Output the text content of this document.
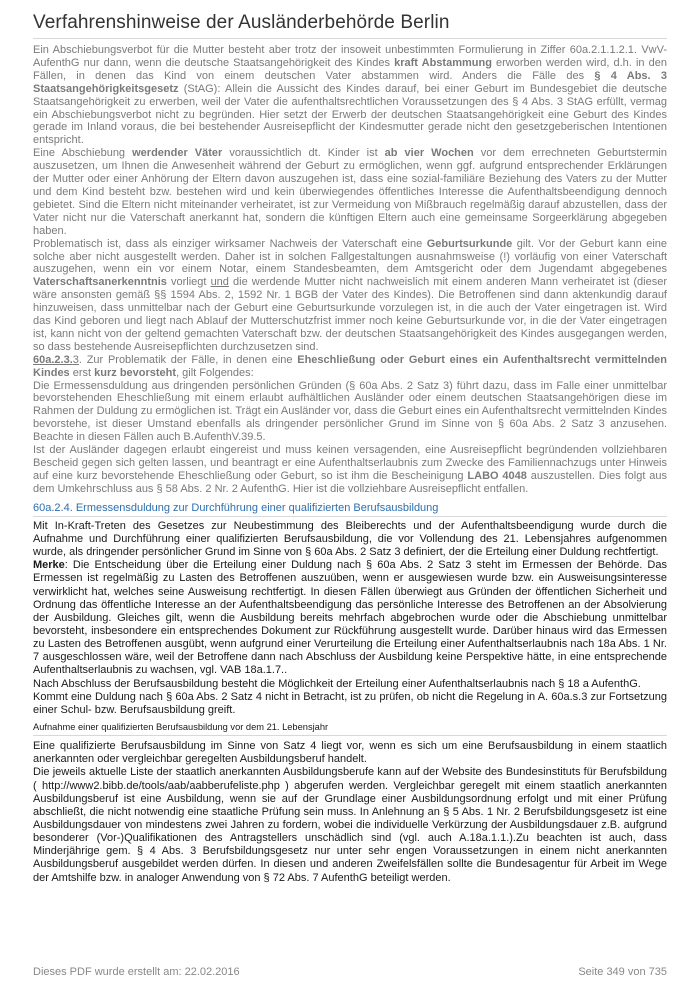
Verfahrenshinweise der Ausländerbehörde Berlin

Ein Abschiebungsverbot für die Mutter besteht aber trotz der insoweit unbestimmten Formulierung in Ziffer 60a.2.1.1.2.1. VwV-AufenthG nur dann, wenn die deutsche Staatsangehörigkeit des Kindes kraft Abstammung erworben werden wird, d.h. in den Fällen, in denen das Kind von einem deutschen Vater abstammen wird. Anders die Fälle des § 4 Abs. 3 Staatsangehörigkeitsgesetz (StAG): Allein die Aussicht des Kindes darauf, bei einer Geburt im Bundesgebiet die deutsche Staatsangehörigkeit zu erwerben, weil der Vater die aufenthaltsrechtlichen Voraussetzungen des § 4 Abs. 3 StAG erfüllt, vermag ein Abschiebungsverbot nicht zu begründen. Hier setzt der Erwerb der deutschen Staatsangehörigkeit eine Geburt des Kindes gerade im Inland voraus, die bei bestehender Ausreisepflicht der Kindesmutter gerade nicht den gesetzgeberischen Intentionen entspricht.

Eine Abschiebung werdender Väter voraussichtlich dt. Kinder ist ab vier Wochen vor dem errechneten Geburtstermin auszusetzen, um Ihnen die Anwesenheit während der Geburt zu ermöglichen, wenn ggf. aufgrund entsprechender Erklärungen der Mutter oder einer Anhörung der Eltern davon auszugehen ist, dass eine sozial-familiäre Beziehung des Vaters zu der Mutter und dem Kind besteht bzw. bestehen wird und kein überwiegendes öffentliches Interesse die Aufenthaltsbeendigung dennoch gebietet. Sind die Eltern nicht miteinander verheiratet, ist zur Vermeidung von Mißbrauch regelmäßig darauf abzustellen, dass der Vater nicht nur die Vaterschaft anerkannt hat, sondern die künftigen Eltern auch eine gemeinsame Sorgeerklärung abgegeben haben.

Problematisch ist, dass als einziger wirksamer Nachweis der Vaterschaft eine Geburtsurkunde gilt. Vor der Geburt kann eine solche aber nicht ausgestellt werden. Daher ist in solchen Fallgestaltungen ausnahmsweise (!) vorläufig von einer Vaterschaft auszugehen, wenn ein vor einem Notar, einem Standesbeamten, dem Amtsgericht oder dem Jugendamt abgegebenes Vaterschaftsanerkenntnis vorliegt und die werdende Mutter nicht nachweislich mit einem anderen Mann verheiratet ist (dieser wäre ansonsten gemäß §§ 1594 Abs. 2, 1592 Nr. 1 BGB der Vater des Kindes). Die Betroffenen sind dann aktenkundig darauf hinzuweisen, dass unmittelbar nach der Geburt eine Geburtsurkunde vorzulegen ist, in die auch der Vater eingetragen ist. Wird das Kind geboren und liegt nach Ablauf der Mutterschutzfrist immer noch keine Geburtsurkunde vor, in die der Vater eingetragen ist, kann nicht von der geltend gemachten Vaterschaft bzw. der deutschen Staatsangehörigkeit des Kindes ausgegangen werden, so dass bestehende Ausreisepflichten durchzusetzen sind.

60a.2.3.3. Zur Problematik der Fälle, in denen eine Eheschließung oder Geburt eines ein Aufenthaltsrecht vermittelnden Kindes erst kurz bevorsteht, gilt Folgendes:

Die Ermessensduldung aus dringenden persönlichen Gründen (§ 60a Abs. 2 Satz 3) führt dazu, dass im Falle einer unmittelbar bevorstehenden Eheschließung mit einem erlaubt aufhältlichen Ausländer oder einem deutschen Staatsangehörigen diese im Rahmen der Duldung zu ermöglichen ist. Trägt ein Ausländer vor, dass die Geburt eines ein Aufenthaltsrecht vermittelnden Kindes bevorstehe, ist dieser Umstand ebenfalls als dringender persönlicher Grund im Sinne von § 60a Abs. 2 Satz 3 anzusehen. Beachte in diesen Fällen auch B.AufenthV.39.5.

Ist der Ausländer dagegen erlaubt eingereist und muss keinen versagenden, eine Ausreisepflicht begründenden vollziehbaren Bescheid gegen sich gelten lassen, und beantragt er eine Aufenthaltserlaubnis zum Zwecke des Familiennachzugs unter Hinweis auf eine kurz bevorstehende Eheschließung oder Geburt, so ist ihm die Bescheinigung LABO 4048 auszustellen. Dies folgt aus dem Umkehrschluss aus § 58 Abs. 2 Nr. 2 AufenthG. Hier ist die vollziehbare Ausreisepflicht entfallen.

60a.2.4. Ermessensduldung zur Durchführung einer qualifizierten Berufsausbildung

Mit In-Kraft-Treten des Gesetzes zur Neubestimmung des Bleiberechts und der Aufenthaltsbeendigung wurde durch die Aufnahme und Durchführung einer qualifizierten Berufsausbildung, die vor Vollendung des 21. Lebensjahres aufgenommen wurde, als dringender persönlicher Grund im Sinne von § 60a Abs. 2 Satz 3 definiert, der die Erteilung einer Duldung rechtfertigt.

Merke: Die Entscheidung über die Erteilung einer Duldung nach § 60a Abs. 2 Satz 3 steht im Ermessen der Behörde. Das Ermessen ist regelmäßig zu Lasten des Betroffenen auszuüben, wenn er ausgewiesen wurde bzw. ein Ausweisungsinteresse verwirklicht hat, welches seine Ausweisung rechtfertigt. In diesen Fällen überwiegt aus Gründen der öffentlichen Sicherheit und Ordnung das öffentliche Interesse an der Aufenthaltsbeendigung das persönliche Interesse des Betroffenen an der Absolvierung der Ausbildung. Gleiches gilt, wenn die Ausbildung bereits mehrfach abgebrochen wurde oder die Abschiebung unmittelbar bevorsteht, insbesondere ein entsprechendes Dokument zur Rückführung ausgestellt wurde. Darüber hinaus wird das Ermessen zu Lasten des Betroffenen ausgübt, wenn aufgrund einer Verurteilung die Erteilung einer Aufenthaltserlaubnis nach 18a Abs. 1 Nr. 7 ausgeschlossen wäre, weil der Betroffene dann nach Abschluss der Ausbildung keine Perspektive hätte, in eine entsprechende Aufenthaltserlaubnis zu wachsen, vgl. VAB 18a.1.7..

Nach Abschluss der Berufsausbildung besteht die Möglichkeit der Erteilung einer Aufenthaltserlaubnis nach § 18 a AufenthG.

Kommt eine Duldung nach § 60a Abs. 2 Satz 4 nicht in Betracht, ist zu prüfen, ob nicht die Regelung in A. 60a.s.3 zur Fortsetzung einer Schul- bzw. Berufsausbildung greift.

Aufnahme einer qualifizierten Berufsausbildung vor dem 21. Lebensjahr

Eine qualifizierte Berufsausbildung im Sinne von Satz 4 liegt vor, wenn es sich um eine Berufsausbildung in einem staatlich anerkannten oder vergleichbar geregelten Ausbildungsberuf handelt.

Die jeweils aktuelle Liste der staatlich anerkannten Ausbildungsberufe kann auf der Website des Bundesinstituts für Berufsbildung ( http://www2.bibb.de/tools/aab/aabberufeliste.php ) abgerufen werden. Vergleichbar geregelt mit einem staatlich anerkannten Ausbildungsberuf ist eine Ausbildung, wenn sie auf der Grundlage einer Ausbildungsordnung erfolgt und mit einer Prüfung abschließt, die nicht notwendig eine staatliche Prüfung sein muss. In Anlehnung an § 5 Abs. 1 Nr. 2 Berufsbildungsgesetz ist eine Ausbildungsdauer von mindestens zwei Jahren zu fordern, wobei die individuelle Verkürzung der Ausbildungsdauer z.B. aufgrund besonderer (Vor-)Qualifikationen des Antragstellers unschädlich sind (vgl. auch A.18a.1.1.).Zu beachten ist auch, dass Minderjährige gem. § 4 Abs. 3 Berufsbildungsgesetz nur unter sehr engen Voraussetzungen in einem nicht anerkannten Ausbildungsberuf ausgebildet werden dürfen. In diesen und anderen Zweifelsfällen sollte die Bundesagentur für Arbeit im Wege der Amtshilfe bzw. in analoger Anwendung von § 72 Abs. 7 AufenthG beteiligt werden.

Dieses PDF wurde erstellt am: 22.02.2016	Seite 349 von 735
